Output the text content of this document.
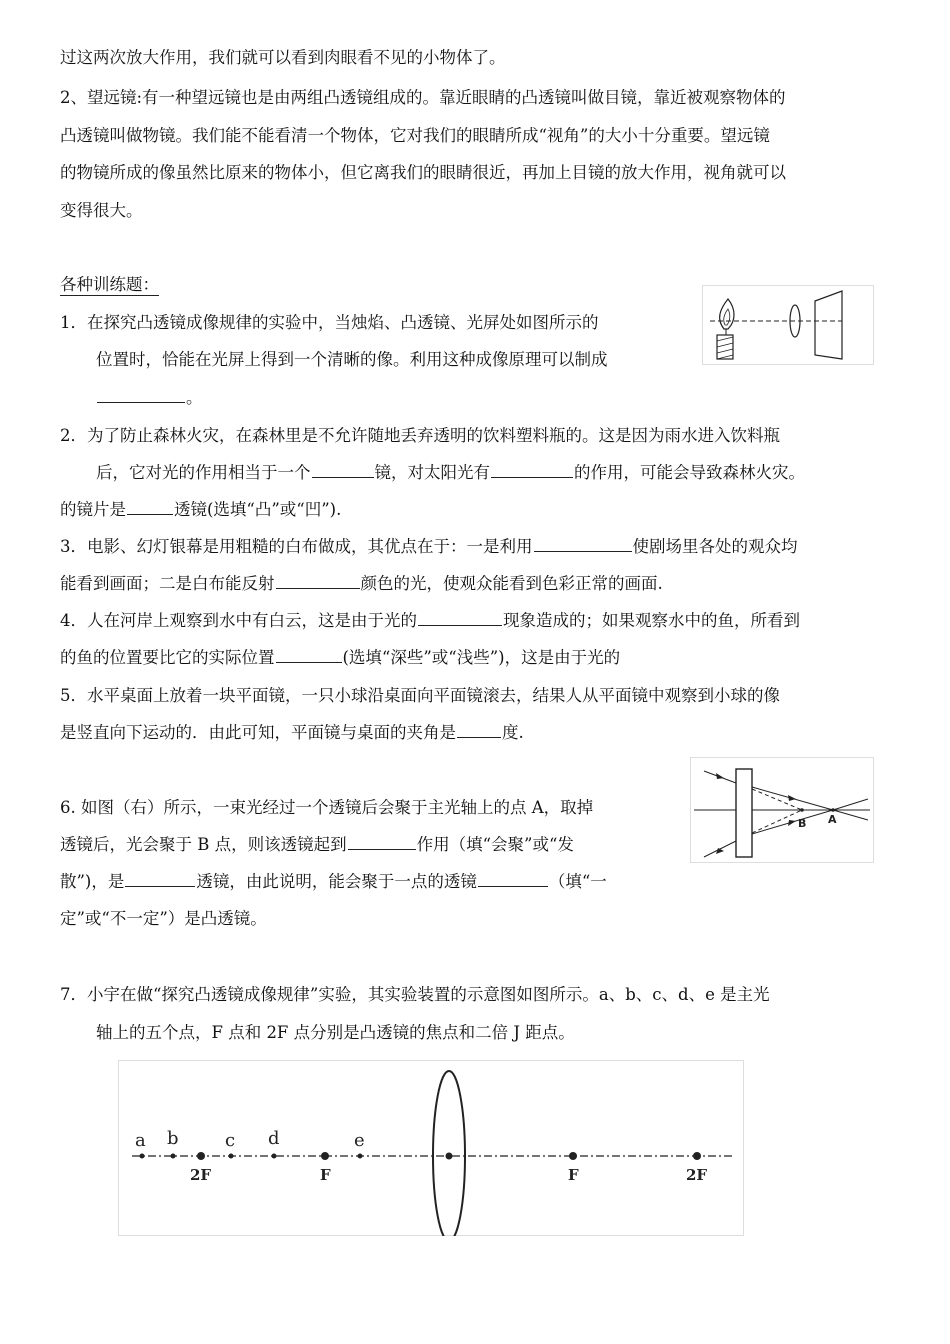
过这两次放大作用，我们就可以看到肉眼看不见的小物体了。
2、望远镜:有一种望远镜也是由两组凸透镜组成的。靠近眼睛的凸透镜叫做目镜，靠近被观察物体的
凸透镜叫做物镜。我们能不能看清一个物体，它对我们的眼睛所成“视角”的大小十分重要。望远镜
的物镜所成的像虽然比原来的物体小，但它离我们的眼睛很近，再加上目镜的放大作用，视角就可以
变得很大。
各种训练题：
1．在探究凸透镜成像规律的实验中，当烛焰、凸透镜、光屏处如图所示的
位置时，恰能在光屏上得到一个清晰的像。利用这种成像原理可以制成
。
2．为了防止森林火灾，在森林里是不允许随地丢弃透明的饮料塑料瓶的。这是因为雨水进入饮料瓶
后，它对光的作用相当于一个	镜，对太阳光有	的作用，可能会导致森林火灾。
的镜片是	透镜(选填“凸”或“凹”).
3．电影、幻灯银幕是用粗糙的白布做成，其优点在于：一是利用	使剧场里各处的观众均
能看到画面；二是白布能反射	颜色的光，使观众能看到色彩正常的画面.
4．人在河岸上观察到水中有白云，这是由于光的	现象造成的；如果观察水中的鱼，所看到
的鱼的位置要比它的实际位置	(选填“深些”或“浅些”)，这是由于光的
5．水平桌面上放着一块平面镜，一只小球沿桌面向平面镜滚去，结果人从平面镜中观察到小球的像
是竖直向下运动的．由此可知，平面镜与桌面的夹角是	度.
6. 如图（右）所示，一束光经过一个透镜后会聚于主光轴上的点 A，取掉
透镜后，光会聚于 B 点，则该透镜起到	作用（填“会聚”或“发
散”)，是	透镜，由此说明，能会聚于一点的透镜	（填“一
定”或“不一定”）是凸透镜。
B A
7．小宇在做“探究凸透镜成像规律”实验，其实验装置的示意图如图所示。a、b、c、d、e 是主光
轴上的五个点，F 点和 2F 点分别是凸透镜的焦点和二倍 J 距点。
a b	c d	e
2F	F	F	2F
